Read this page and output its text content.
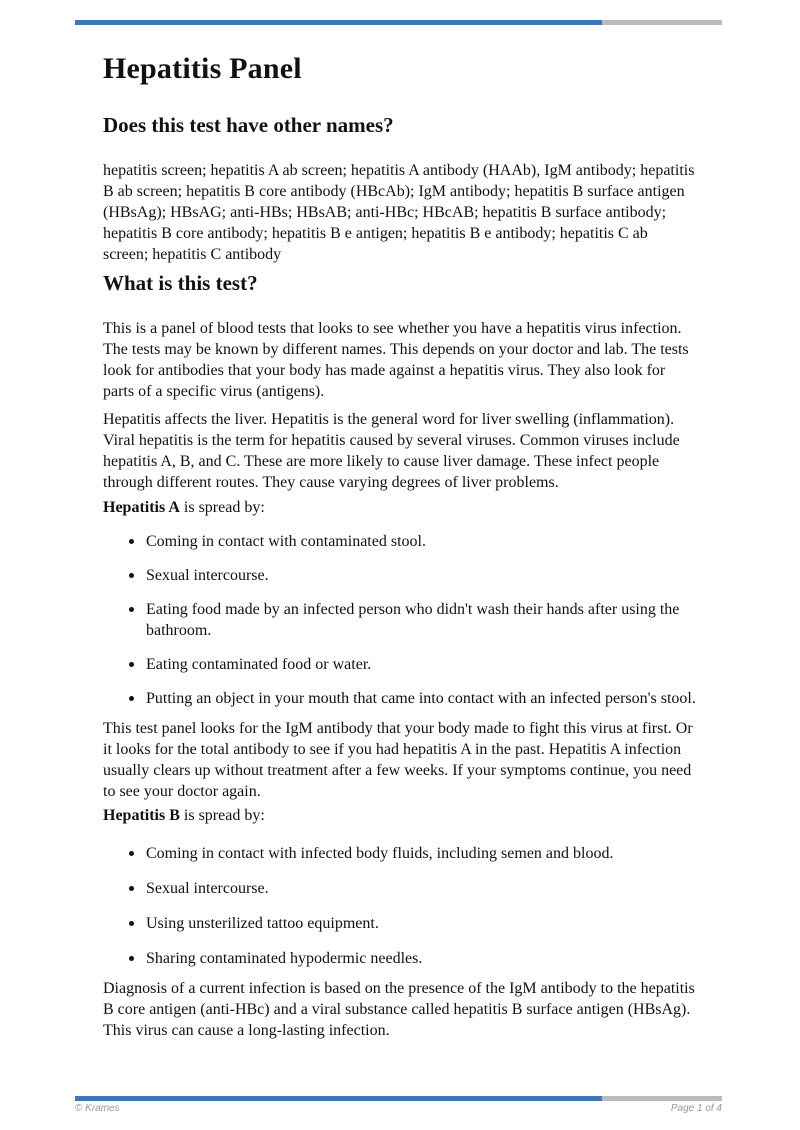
Hepatitis Panel
Does this test have other names?

hepatitis screen; hepatitis A ab screen; hepatitis A antibody (HAAb), IgM antibody; hepatitis B ab screen; hepatitis B core antibody (HBcAb); IgM antibody; hepatitis B surface antigen (HBsAg); HBsAG; anti-HBs; HBsAB; anti-HBc; HBcAB; hepatitis B surface antibody; hepatitis B core antibody; hepatitis B e antigen; hepatitis B e antibody; hepatitis C ab screen; hepatitis C antibody

What is this test?

This is a panel of blood tests that looks to see whether you have a hepatitis virus infection. The tests may be known by different names. This depends on your doctor and lab. The tests look for antibodies that your body has made against a hepatitis virus. They also look for parts of a specific virus (antigens).

Hepatitis affects the liver. Hepatitis is the general word for liver swelling (inflammation). Viral hepatitis is the term for hepatitis caused by several viruses. Common viruses include hepatitis A, B, and C. These are more likely to cause liver damage. These infect people through different routes. They cause varying degrees of liver problems.

Hepatitis A is spread by:

Coming in contact with contaminated stool.
Sexual intercourse.
Eating food made by an infected person who didn't wash their hands after using the bathroom.
Eating contaminated food or water.
Putting an object in your mouth that came into contact with an infected person's stool.

This test panel looks for the IgM antibody that your body made to fight this virus at first. Or it looks for the total antibody to see if you had hepatitis A in the past. Hepatitis A infection usually clears up without treatment after a few weeks. If your symptoms continue, you need to see your doctor again.

Hepatitis B is spread by:

Coming in contact with infected body fluids, including semen and blood.
Sexual intercourse.
Using unsterilized tattoo equipment.
Sharing contaminated hypodermic needles.

Diagnosis of a current infection is based on the presence of the IgM antibody to the hepatitis B core antigen (anti-HBc) and a viral substance called hepatitis B surface antigen (HBsAg). This virus can cause a long-lasting infection.

© Krames	Page 1 of 4
